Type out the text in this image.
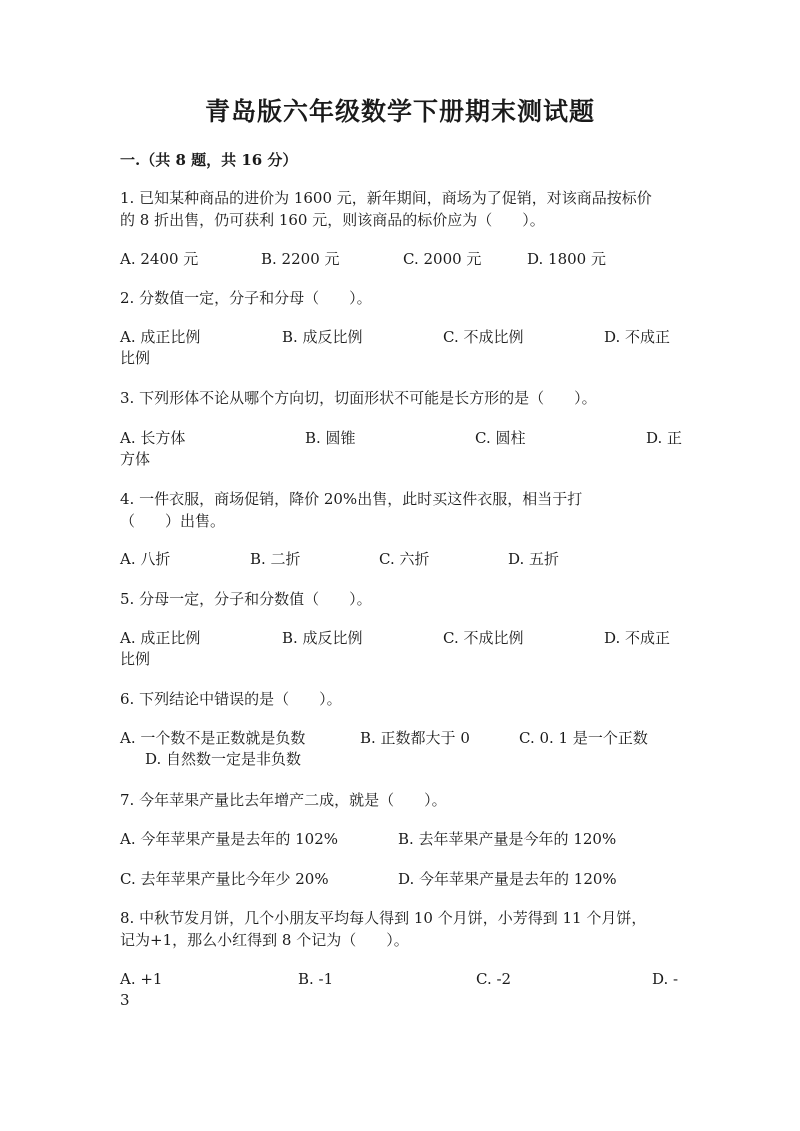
青岛版六年级数学下册期末测试题
一.（共 8 题，共 16 分）
1. 已知某种商品的进价为 1600 元，新年期间，商场为了促销，对该商品按标价
的 8 折出售，仍可获利 160 元，则该商品的标价应为（　　）。
A. 2400 元	B. 2200 元	C. 2000 元	D. 1800 元
2. 分数值一定，分子和分母（　　）。
A. 成正比例	B. 成反比例	C. 不成比例	D. 不成正
比例
3. 下列形体不论从哪个方向切，切面形状不可能是长方形的是（　　）。
A. 长方体	B. 圆锥	C. 圆柱	D. 正
方体
4. 一件衣服，商场促销，降价 20%出售，此时买这件衣服，相当于打
（　　）出售。
A. 八折	B. 二折	C. 六折	D. 五折
5. 分母一定，分子和分数值（　　）。
A. 成正比例	B. 成反比例	C. 不成比例	D. 不成正
比例
6. 下列结论中错误的是（　　）。
A. 一个数不是正数就是负数	B. 正数都大于 0	C. 0. 1 是一个正数
D. 自然数一定是非负数
7. 今年苹果产量比去年增产二成，就是（　　）。
A. 今年苹果产量是去年的 102%	B. 去年苹果产量是今年的 120%
C. 去年苹果产量比今年少 20%	D. 今年苹果产量是去年的 120%
8. 中秋节发月饼，几个小朋友平均每人得到 10 个月饼，小芳得到 11 个月饼，
记为+1，那么小红得到 8 个记为（　　）。
A. +1	B. -1	C. -2	D. -
3
